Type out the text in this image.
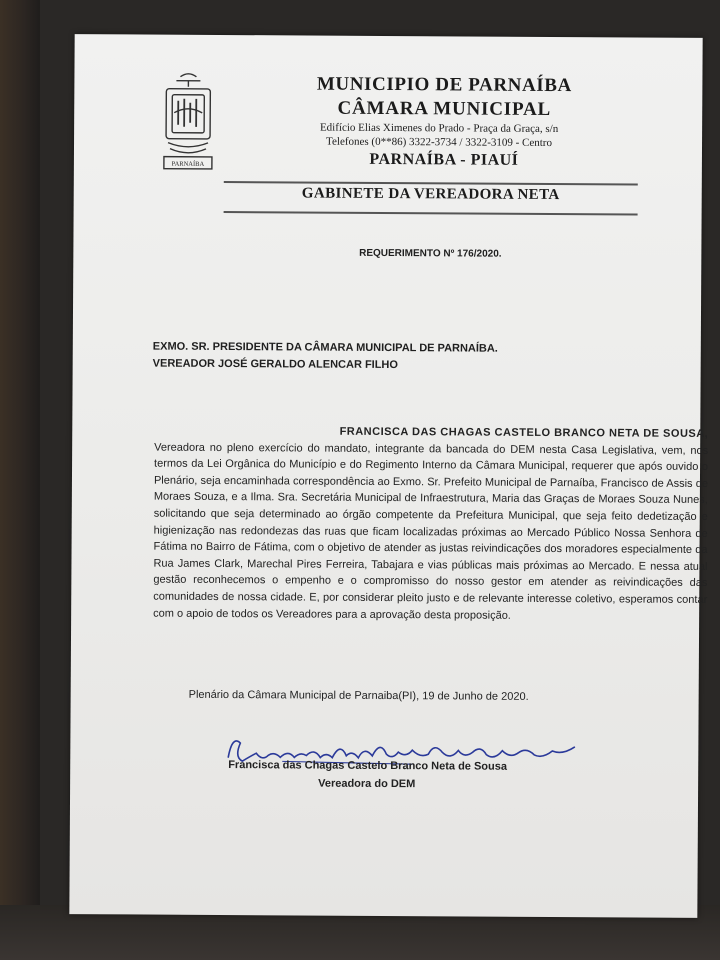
PARNAÍBA
MUNICIPIO DE PARNAÍBA
CÂMARA MUNICIPAL
Edifício Elias Ximenes do Prado - Praça da Graça, s/n
Telefones (0**86) 3322-3734 / 3322-3109 - Centro
PARNAÍBA - PIAUÍ
GABINETE DA VEREADORA NETA
REQUERIMENTO Nº 176/2020.
EXMO. SR. PRESIDENTE DA CÂMARA MUNICIPAL DE PARNAÍBA.
VEREADOR JOSÉ GERALDO ALENCAR FILHO
FRANCISCA DAS CHAGAS CASTELO BRANCO NETA DE SOUSA,
Vereadora no pleno exercício do mandato, integrante da bancada do DEM nesta Casa Legislativa, vem, nos termos da Lei Orgânica do Município e do Regimento Interno da Câmara Municipal, requerer que após ouvido o Plenário, seja encaminhada correspondência ao Exmo. Sr. Prefeito Municipal de Parnaíba, Francisco de Assis de Moraes Souza, e a Ilma. Sra. Secretária Municipal de Infraestrutura, Maria das Graças de Moraes Souza Nunes, solicitando que seja determinado ao órgão competente da Prefeitura Municipal, que seja feito dedetização e higienização nas redondezas das ruas que ficam localizadas próximas ao Mercado Público Nossa Senhora de Fátima no Bairro de Fátima, com o objetivo de atender as justas reivindicações dos moradores especialmente da Rua James Clark, Marechal Pires Ferreira, Tabajara e vias públicas mais próximas ao Mercado. E nessa atual gestão reconhecemos o empenho e o compromisso do nosso gestor em atender as reivindicações das comunidades de nossa cidade. E, por considerar pleito justo e de relevante interesse coletivo, esperamos contar com o apoio de todos os Vereadores para a aprovação desta proposição.
Plenário da Câmara Municipal de Parnaiba(PI), 19 de Junho de 2020.
Francisca das Chagas Castelo Branco Neta de Sousa
Vereadora do DEM
